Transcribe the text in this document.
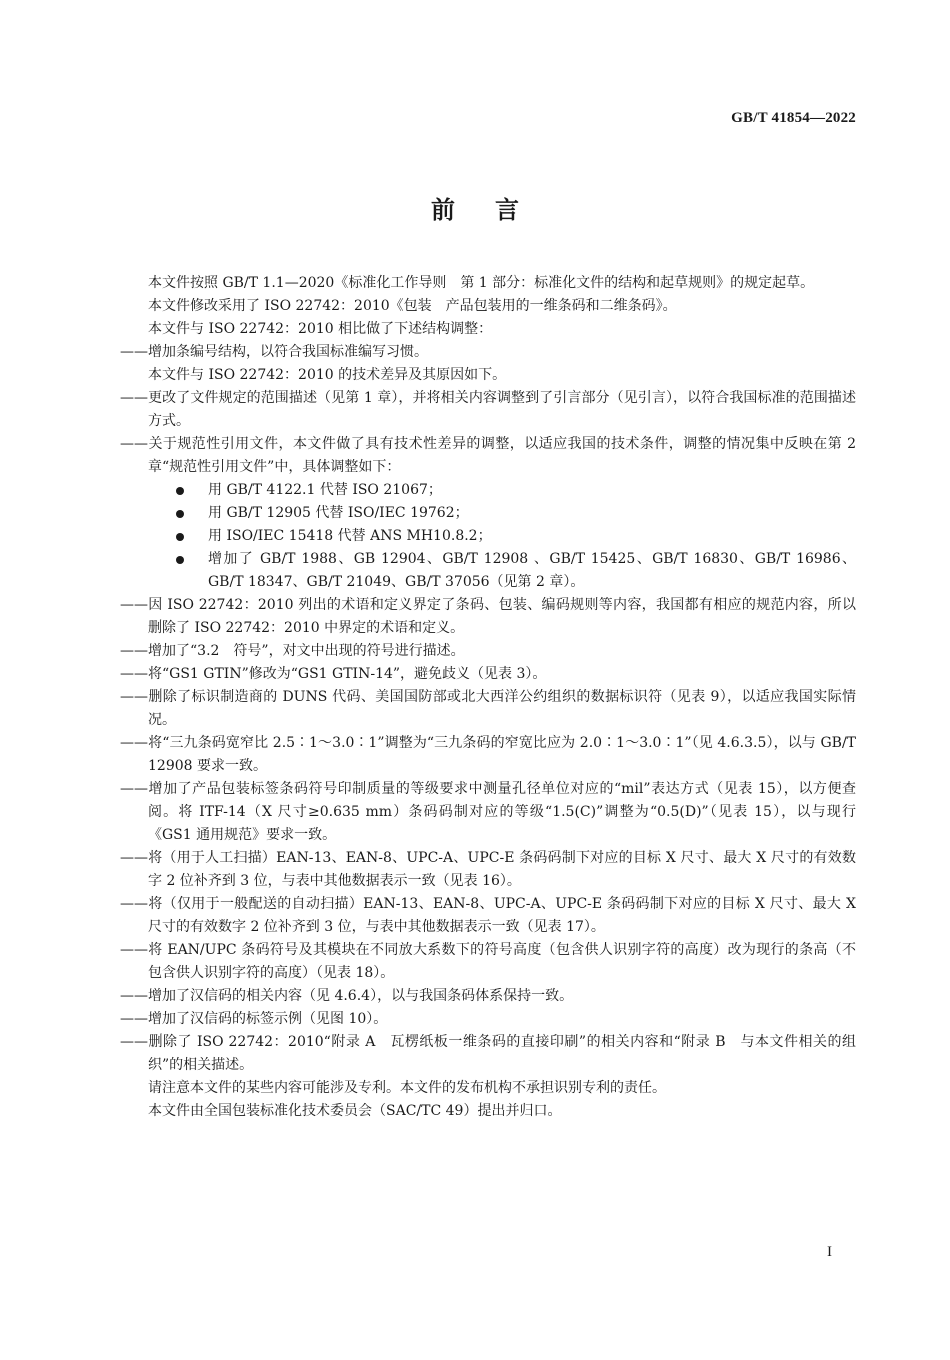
GB/T 41854—2022
前言
本文件按照 GB/T 1.1—2020《标准化工作导则　第 1 部分：标准化文件的结构和起草规则》的规定起草。
本文件修改采用了 ISO 22742：2010《包装　产品包装用的一维条码和二维条码》。
本文件与 ISO 22742：2010 相比做了下述结构调整：
——增加条编号结构，以符合我国标准编写习惯。
本文件与 ISO 22742：2010 的技术差异及其原因如下。
——更改了文件规定的范围描述（见第 1 章），并将相关内容调整到了引言部分（见引言），以符合我国标准的范围描述方式。
——关于规范性引用文件，本文件做了具有技术性差异的调整，以适应我国的技术条件，调整的情况集中反映在第 2 章“规范性引用文件”中，具体调整如下：
用 GB/T 4122.1 代替 ISO 21067；
用 GB/T 12905 代替 ISO/IEC 19762；
用 ISO/IEC 15418 代替 ANS MH10.8.2；
增加了 GB/T 1988、GB 12904、GB/T 12908 、GB/T 15425、GB/T 16830、GB/T 16986、GB/T 18347、GB/T 21049、GB/T 37056（见第 2 章）。
——因 ISO 22742：2010 列出的术语和定义界定了条码、包装、编码规则等内容，我国都有相应的规范内容，所以删除了 ISO 22742：2010 中界定的术语和定义。
——增加了“3.2　符号”，对文中出现的符号进行描述。
——将“GS1 GTIN”修改为“GS1 GTIN-14”，避免歧义（见表 3）。
——删除了标识制造商的 DUNS 代码、美国国防部或北大西洋公约组织的数据标识符（见表 9），以适应我国实际情况。
——将“三九条码宽窄比 2.5∶1～3.0∶1”调整为“三九条码的窄宽比应为 2.0∶1～3.0∶1”（见 4.6.3.5），以与 GB/T 12908 要求一致。
——增加了产品包装标签条码符号印制质量的等级要求中测量孔径单位对应的“mil”表达方式（见表 15），以方便查阅。将 ITF-14（X 尺寸≥0.635 mm）条码码制对应的等级“1.5(C)”调整为“0.5(D)”（见表 15），以与现行《GS1 通用规范》要求一致。
——将（用于人工扫描）EAN-13、EAN-8、UPC-A、UPC-E 条码码制下对应的目标 X 尺寸、最大 X 尺寸的有效数字 2 位补齐到 3 位，与表中其他数据表示一致（见表 16）。
——将（仅用于一般配送的自动扫描）EAN-13、EAN-8、UPC-A、UPC-E 条码码制下对应的目标 X 尺寸、最大 X 尺寸的有效数字 2 位补齐到 3 位，与表中其他数据表示一致（见表 17）。
——将 EAN/UPC 条码符号及其模块在不同放大系数下的符号高度（包含供人识别字符的高度）改为现行的条高（不包含供人识别字符的高度）（见表 18）。
——增加了汉信码的相关内容（见 4.6.4），以与我国条码体系保持一致。
——增加了汉信码的标签示例（见图 10）。
——删除了 ISO 22742：2010“附录 A　瓦楞纸板一维条码的直接印刷”的相关内容和“附录 B　与本文件相关的组织”的相关描述。
请注意本文件的某些内容可能涉及专利。本文件的发布机构不承担识别专利的责任。
本文件由全国包装标准化技术委员会（SAC/TC 49）提出并归口。
I
